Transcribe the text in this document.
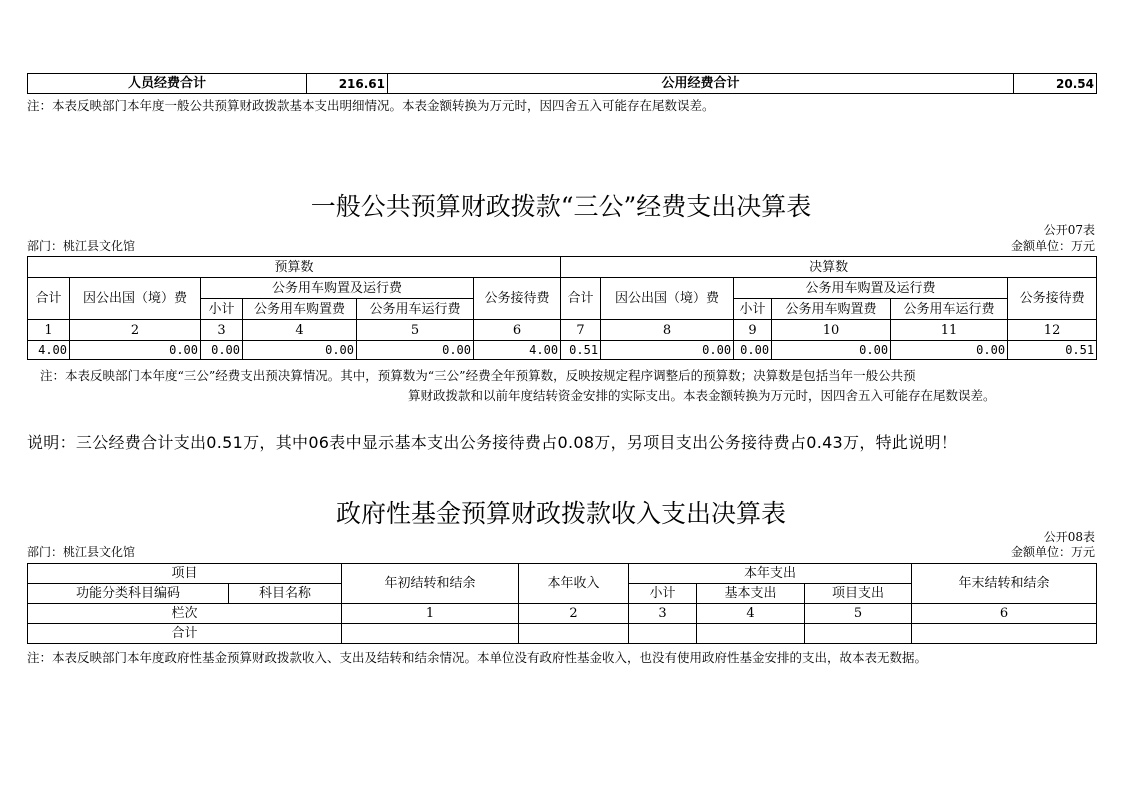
人员经费合计	216.61	公用经费合计	20.54
注：本表反映部门本年度一般公共预算财政拨款基本支出明细情况。本表金额转换为万元时，因四舍五入可能存在尾数误差。
一般公共预算财政拨款“三公”经费支出决算表
公开07表
部门：桃江县文化馆	金额单位：万元
预算数						决算数					
合计	因公出国（境）费	公务用车购置及运行费			公务接待费	合计	因公出国（境）费	公务用车购置及运行费			公务接待费
		小计	公务用车购置费	公务用车运行费				小计	公务用车购置费	公务用车运行费	
1	2	3	4	5	6	7	8	9	10	11	12
4.00	0.00	0.00	0.00	0.00	4.00	0.51	0.00	0.00	0.00	0.00	0.51
注：本表反映部门本年度“三公”经费支出预决算情况。其中，预算数为“三公”经费全年预算数，反映按规定程序调整后的预算数；决算数是包括当年一般公共预
算财政拨款和以前年度结转资金安排的实际支出。本表金额转换为万元时，因四舍五入可能存在尾数误差。
说明：三公经费合计支出0.51万，其中06表中显示基本支出公务接待费占0.08万，另项目支出公务接待费占0.43万，特此说明！
政府性基金预算财政拨款收入支出决算表
公开08表
部门：桃江县文化馆	金额单位：万元
项目		年初结转和结余	本年收入	本年支出			年末结转和结余
功能分类科目编码	科目名称			小计	基本支出	项目支出	
栏次		1	2	3	4	5	6
合计							
注：本表反映部门本年度政府性基金预算财政拨款收入、支出及结转和结余情况。本单位没有政府性基金收入，也没有使用政府性基金安排的支出，故本表无数据。
